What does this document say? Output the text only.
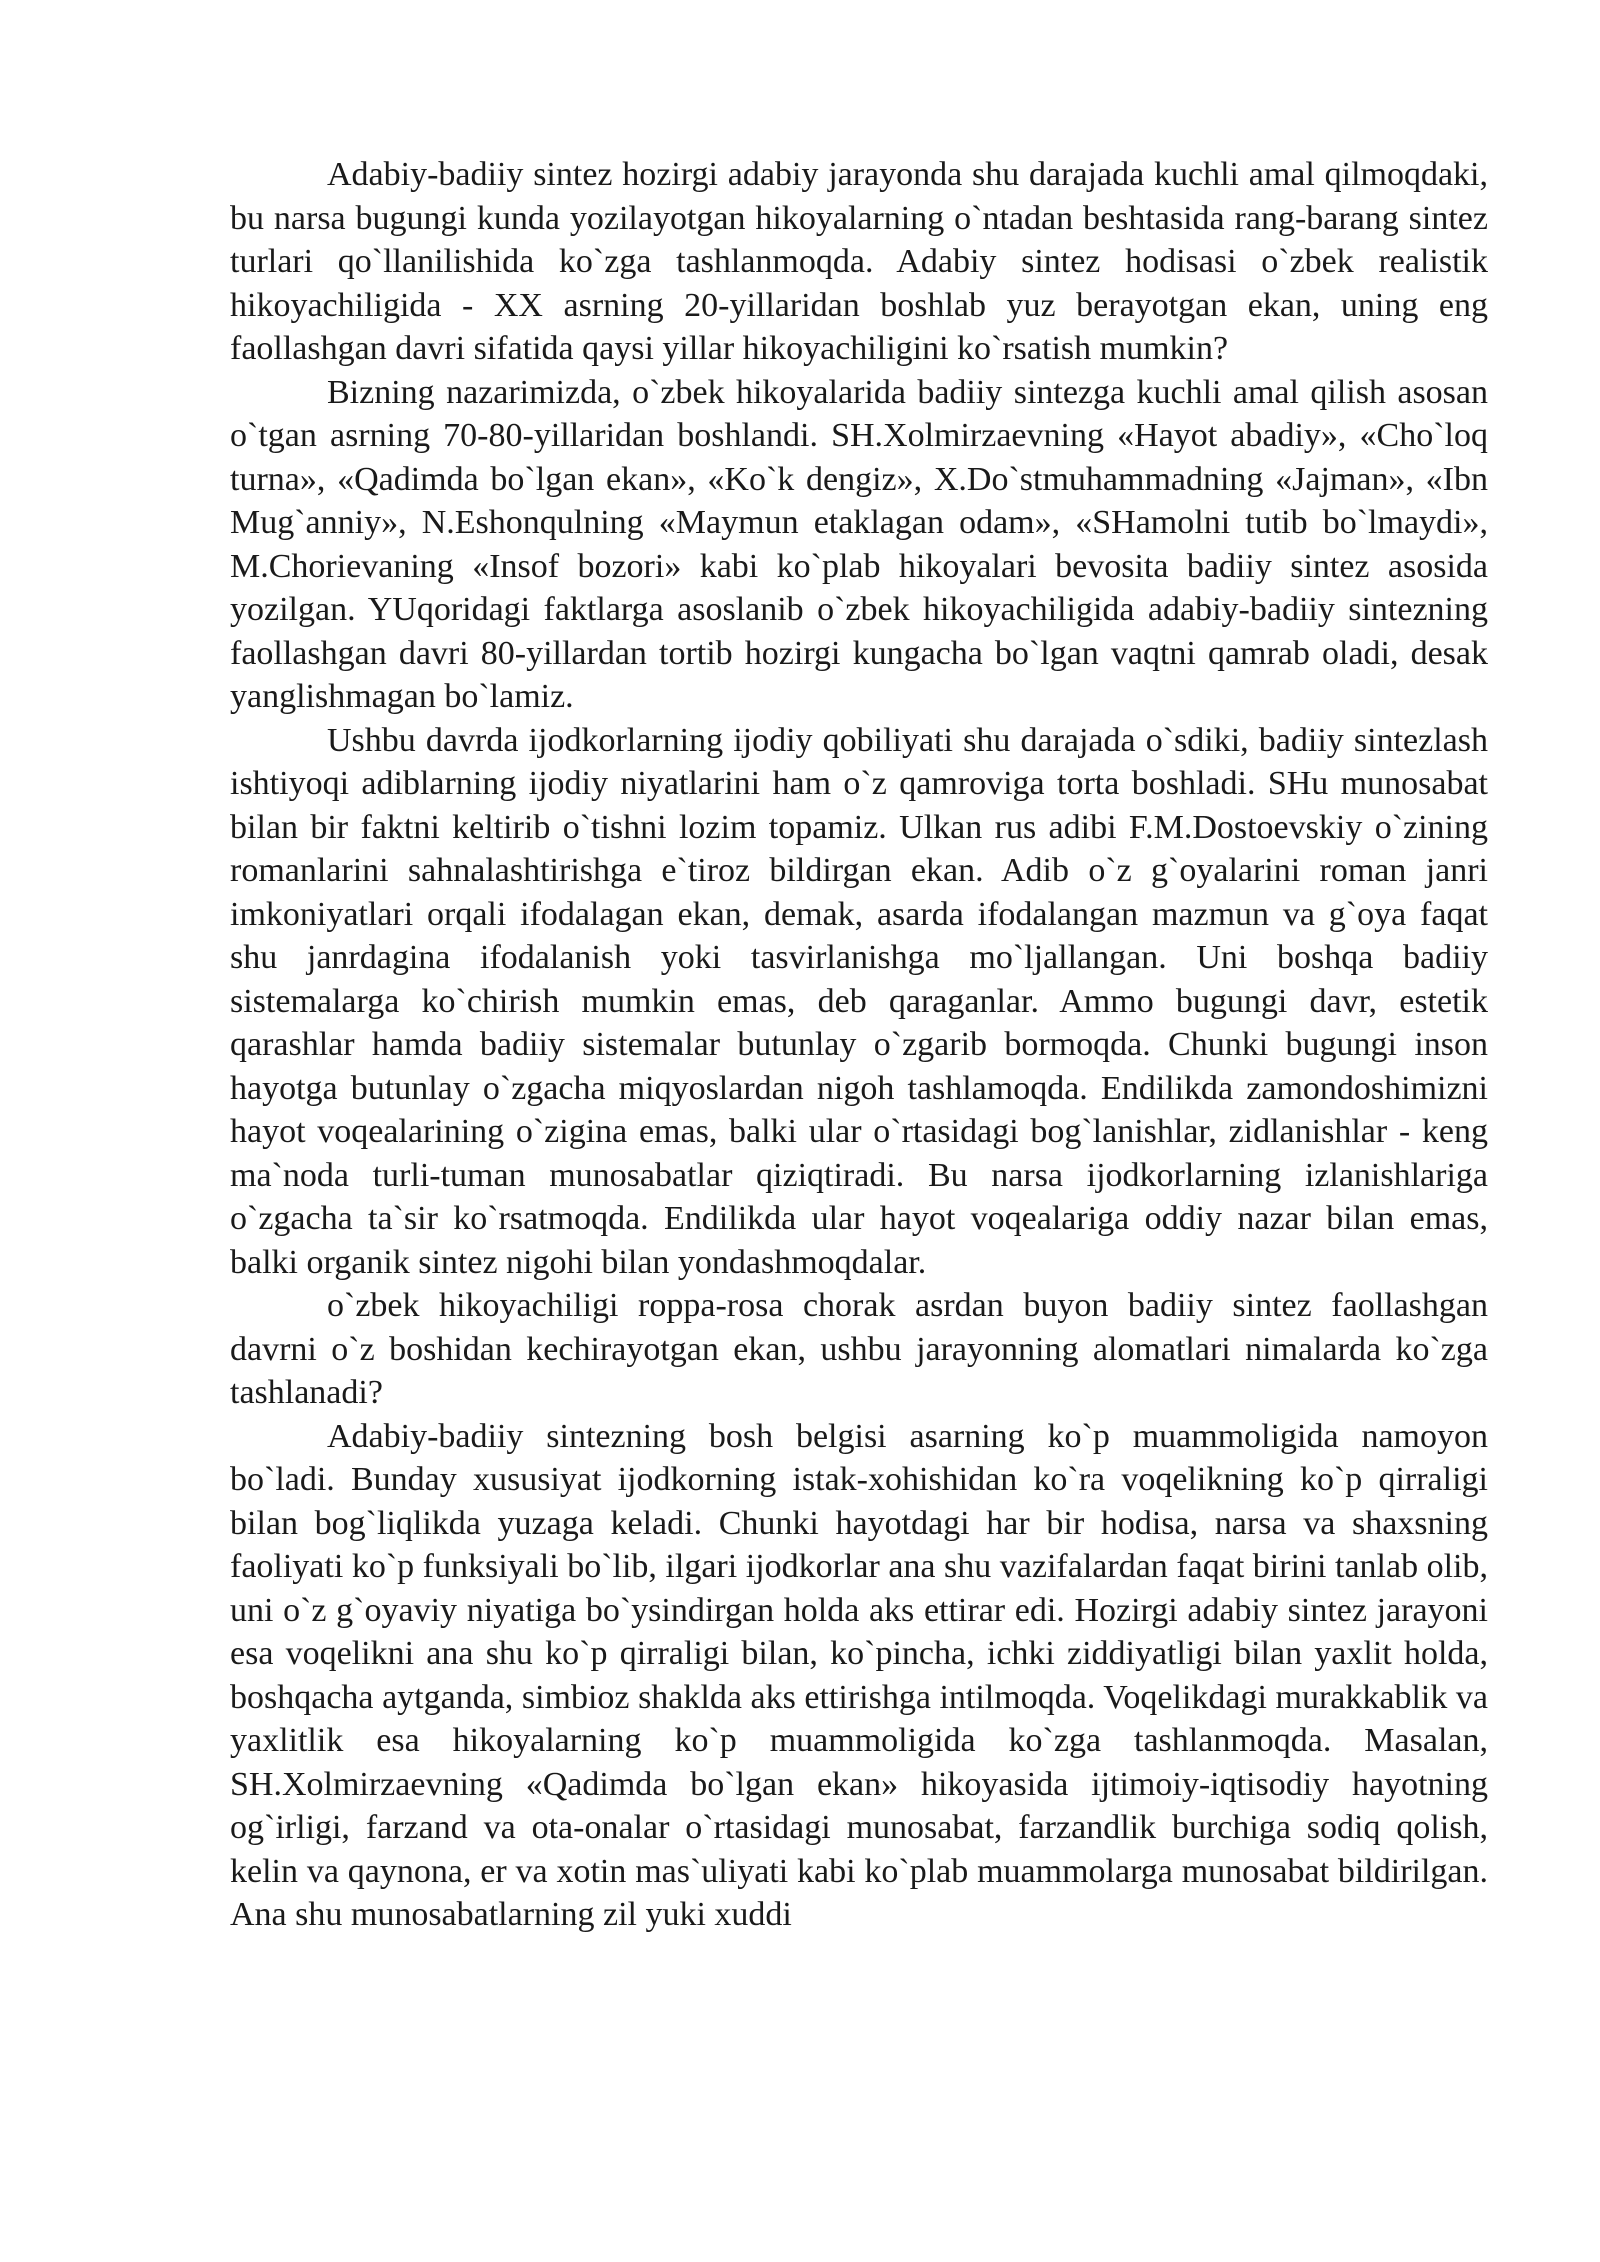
Adabiy-badiiy sintez hozirgi adabiy jarayonda shu darajada kuchli amal qilmoqdaki, bu narsa bugungi kunda yozilayotgan hikoyalarning o`ntadan beshtasida rang-barang sintez turlari qo`llanilishida ko`zga tashlanmoqda. Adabiy sintez hodisasi o`zbek realistik hikoyachiligida - XX asrning 20-yillaridan boshlab yuz berayotgan ekan, uning eng faollashgan davri sifatida qaysi yillar hikoyachiligini ko`rsatish mumkin?

Bizning nazarimizda, o`zbek hikoyalarida badiiy sintezga kuchli amal qilish asosan o`tgan asrning 70-80-yillaridan boshlandi. SH.Xolmirzaevning «Hayot abadiy», «Cho`loq turna», «Qadimda bo`lgan ekan», «Ko`k dengiz», X.Do`stmuhammadning «Jajman», «Ibn Mug`anniy», N.Eshonqulning «Maymun etaklagan odam», «SHamolni tutib bo`lmaydi», M.Chorievaning «Insof bozori» kabi ko`plab hikoyalari bevosita badiiy sintez asosida yozilgan. YUqoridagi faktlarga asoslanib o`zbek hikoyachiligida adabiy-badiiy sintezning faollashgan davri 80-yillardan tortib hozirgi kungacha bo`lgan vaqtni qamrab oladi, desak yanglishmagan bo`lamiz.

Ushbu davrda ijodkorlarning ijodiy qobiliyati shu darajada o`sdiki, badiiy sintezlash ishtiyoqi adiblarning ijodiy niyatlarini ham o`z qamroviga torta boshladi. SHu munosabat bilan bir faktni keltirib o`tishni lozim topamiz. Ulkan rus adibi F.M.Dostoevskiy o`zining romanlarini sahnalashtirishga e`tiroz bildirgan ekan. Adib o`z g`oyalarini roman janri imkoniyatlari orqali ifodalagan ekan, demak, asarda ifodalangan mazmun va g`oya faqat shu janrdagina ifodalanish yoki tasvirlanishga mo`ljallangan. Uni boshqa badiiy sistemalarga ko`chirish mumkin emas, deb qaraganlar. Ammo bugungi davr, estetik qarashlar hamda badiiy sistemalar butunlay o`zgarib bormoqda. Chunki bugungi inson hayotga butunlay o`zgacha miqyoslardan nigoh tashlamoqda. Endilikda zamondoshimizni hayot voqealarining o`zigina emas, balki ular o`rtasidagi bog`lanishlar, zidlanishlar - keng ma`noda turli-tuman munosabatlar qiziqtiradi. Bu narsa ijodkorlarning izlanishlariga o`zgacha ta`sir ko`rsatmoqda. Endilikda ular hayot voqealariga oddiy nazar bilan emas, balki organik sintez nigohi bilan yondashmoqdalar.

o`zbek hikoyachiligi roppa-rosa chorak asrdan buyon badiiy sintez faollashgan davrni o`z boshidan kechirayotgan ekan, ushbu jarayonning alomatlari nimalarda ko`zga tashlanadi?

Adabiy-badiiy sintezning bosh belgisi asarning ko`p muammoligida namoyon bo`ladi. Bunday xususiyat ijodkorning istak-xohishidan ko`ra voqelikning ko`p qirraligi bilan bog`liqlikda yuzaga keladi. Chunki hayotdagi har bir hodisa, narsa va shaxsning faoliyati ko`p funksiyali bo`lib, ilgari ijodkorlar ana shu vazifalardan faqat birini tanlab olib, uni o`z g`oyaviy niyatiga bo`ysindirgan holda aks ettirar edi. Hozirgi adabiy sintez jarayoni esa voqelikni ana shu ko`p qirraligi bilan, ko`pincha, ichki ziddiyatligi bilan yaxlit holda, boshqacha aytganda, simbioz shaklda aks ettirishga intilmoqda. Voqelikdagi murakkablik va yaxlitlik esa hikoyalarning ko`p muammoligida ko`zga tashlanmoqda. Masalan, SH.Xolmirzaevning «Qadimda bo`lgan ekan» hikoyasida ijtimoiy-iqtisodiy hayotning og`irligi, farzand va ota-onalar o`rtasidagi munosabat, farzandlik burchiga sodiq qolish, kelin va qaynona, er va xotin mas`uliyati kabi ko`plab muammolarga munosabat bildirilgan. Ana shu munosabatlarning zil yuki xuddi
